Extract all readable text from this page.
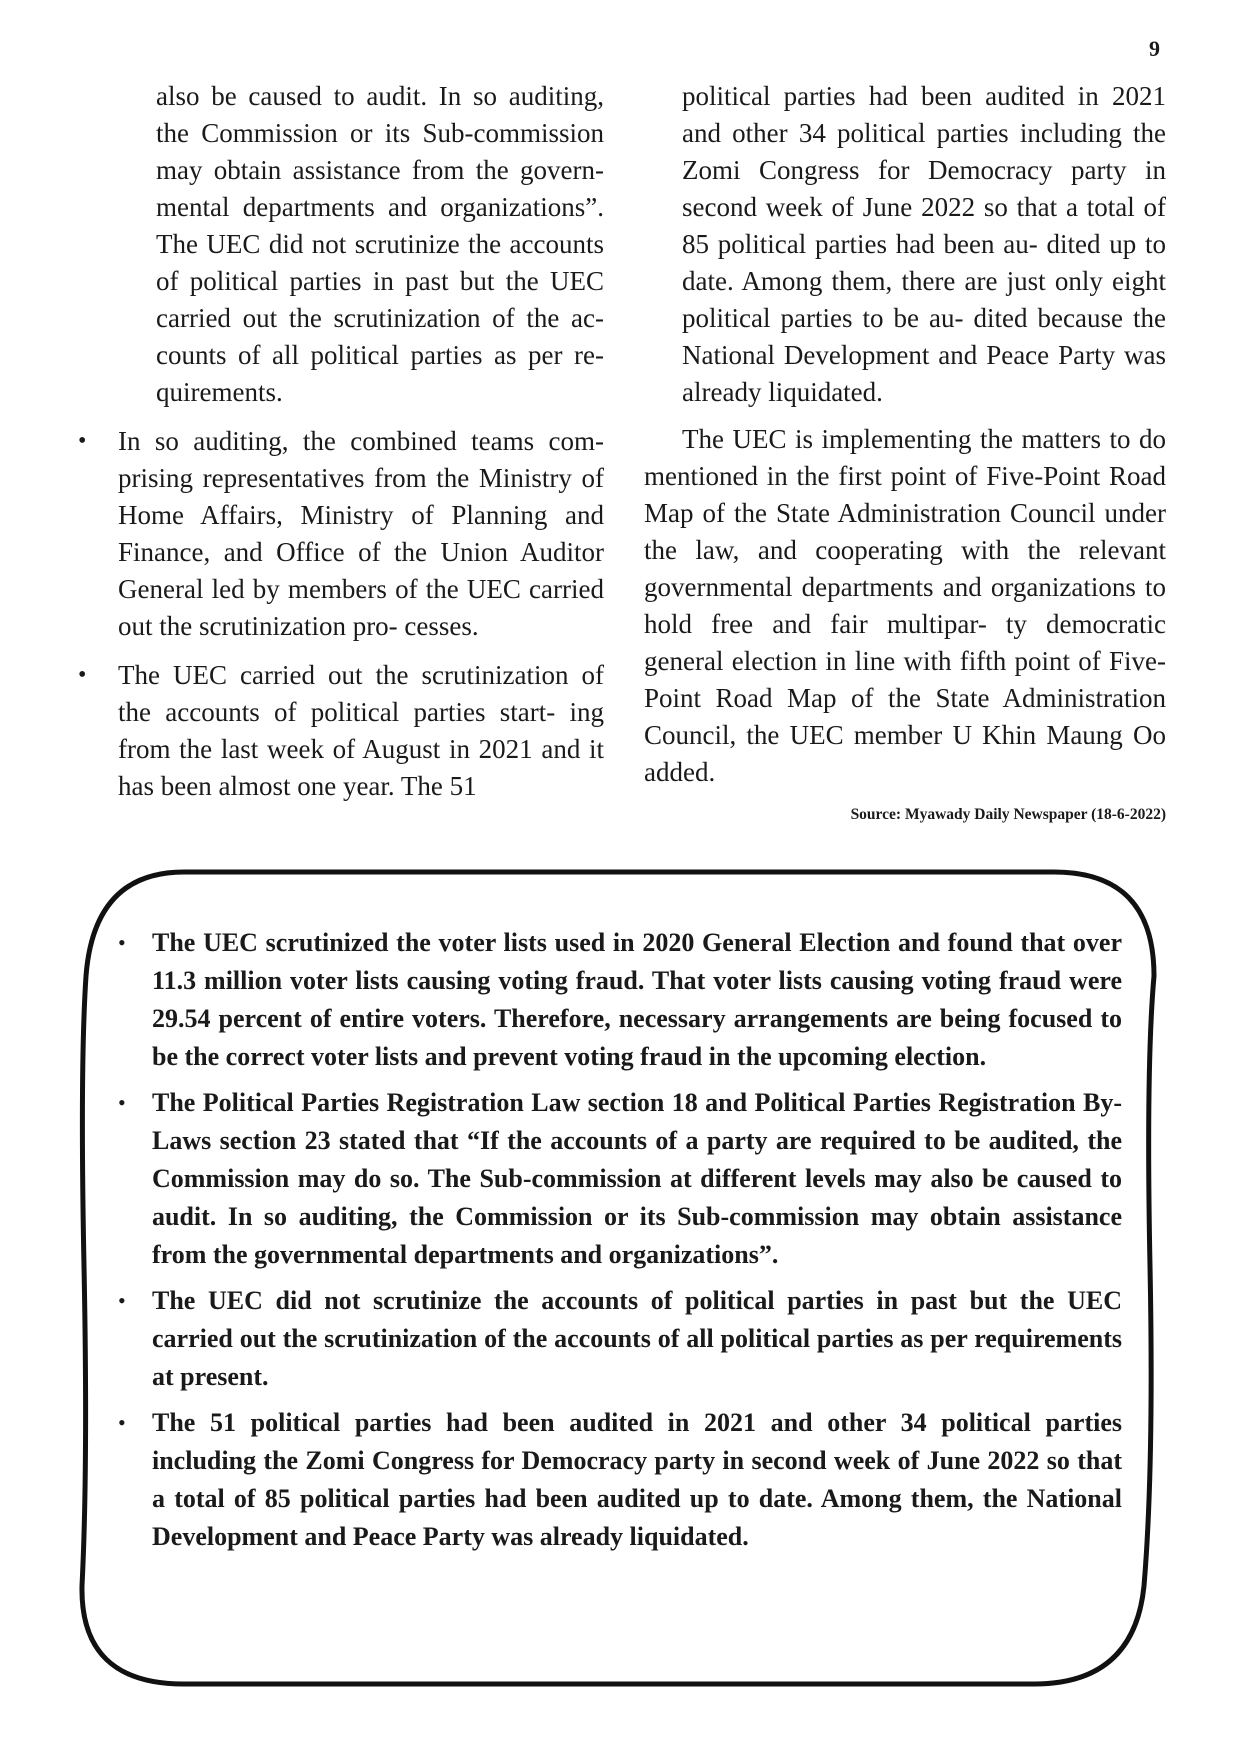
9

also be caused to audit. In so auditing, the Commission or its Sub-commission may obtain assistance from the govern- mental departments and organizations”. The UEC did not scrutinize the accounts of political parties in past but the UEC carried out the scrutinization of the ac- counts of all political parties as per re- quirements.

• In so auditing, the combined teams com- prising representatives from the Ministry of Home Affairs, Ministry of Planning and Finance, and Office of the Union Auditor General led by members of the UEC carried out the scrutinization pro- cesses.
• The UEC carried out the scrutinization of the accounts of political parties start- ing from the last week of August in 2021 and it has been almost one year. The 51

political parties had been audited in 2021 and other 34 political parties including the Zomi Congress for Democracy party in second week of June 2022 so that a total of 85 political parties had been au- dited up to date. Among them, there are just only eight political parties to be au- dited because the National Development and Peace Party was already liquidated.

The UEC is implementing the matters to do mentioned in the first point of Five-Point Road Map of the State Administration Council under the law, and cooperating with the relevant governmental departments and organizations to hold free and fair multipar- ty democratic general election in line with fifth point of Five-Point Road Map of the State Administration Council, the UEC member U Khin Maung Oo added.

Source: Myawady Daily Newspaper (18-6-2022)

• The UEC scrutinized the voter lists used in 2020 General Election and found that over 11.3 million voter lists causing voting fraud. That voter lists causing voting fraud were 29.54 percent of entire voters. Therefore, necessary arrangements are being focused to be the correct voter lists and prevent voting fraud in the upcoming election.
• The Political Parties Registration Law section 18 and Political Parties Registration By-Laws section 23 stated that “If the accounts of a party are required to be audited, the Commission may do so. The Sub-commission at different levels may also be caused to audit. In so auditing, the Commission or its Sub-commission may obtain assistance from the governmental departments and organizations”.
• The UEC did not scrutinize the accounts of political parties in past but the UEC carried out the scrutinization of the accounts of all political parties as per requirements at present.
• The 51 political parties had been audited in 2021 and other 34 political parties including the Zomi Congress for Democracy party in second week of June 2022 so that a total of 85 political parties had been audited up to date. Among them, the National Development and Peace Party was already liquidated.
